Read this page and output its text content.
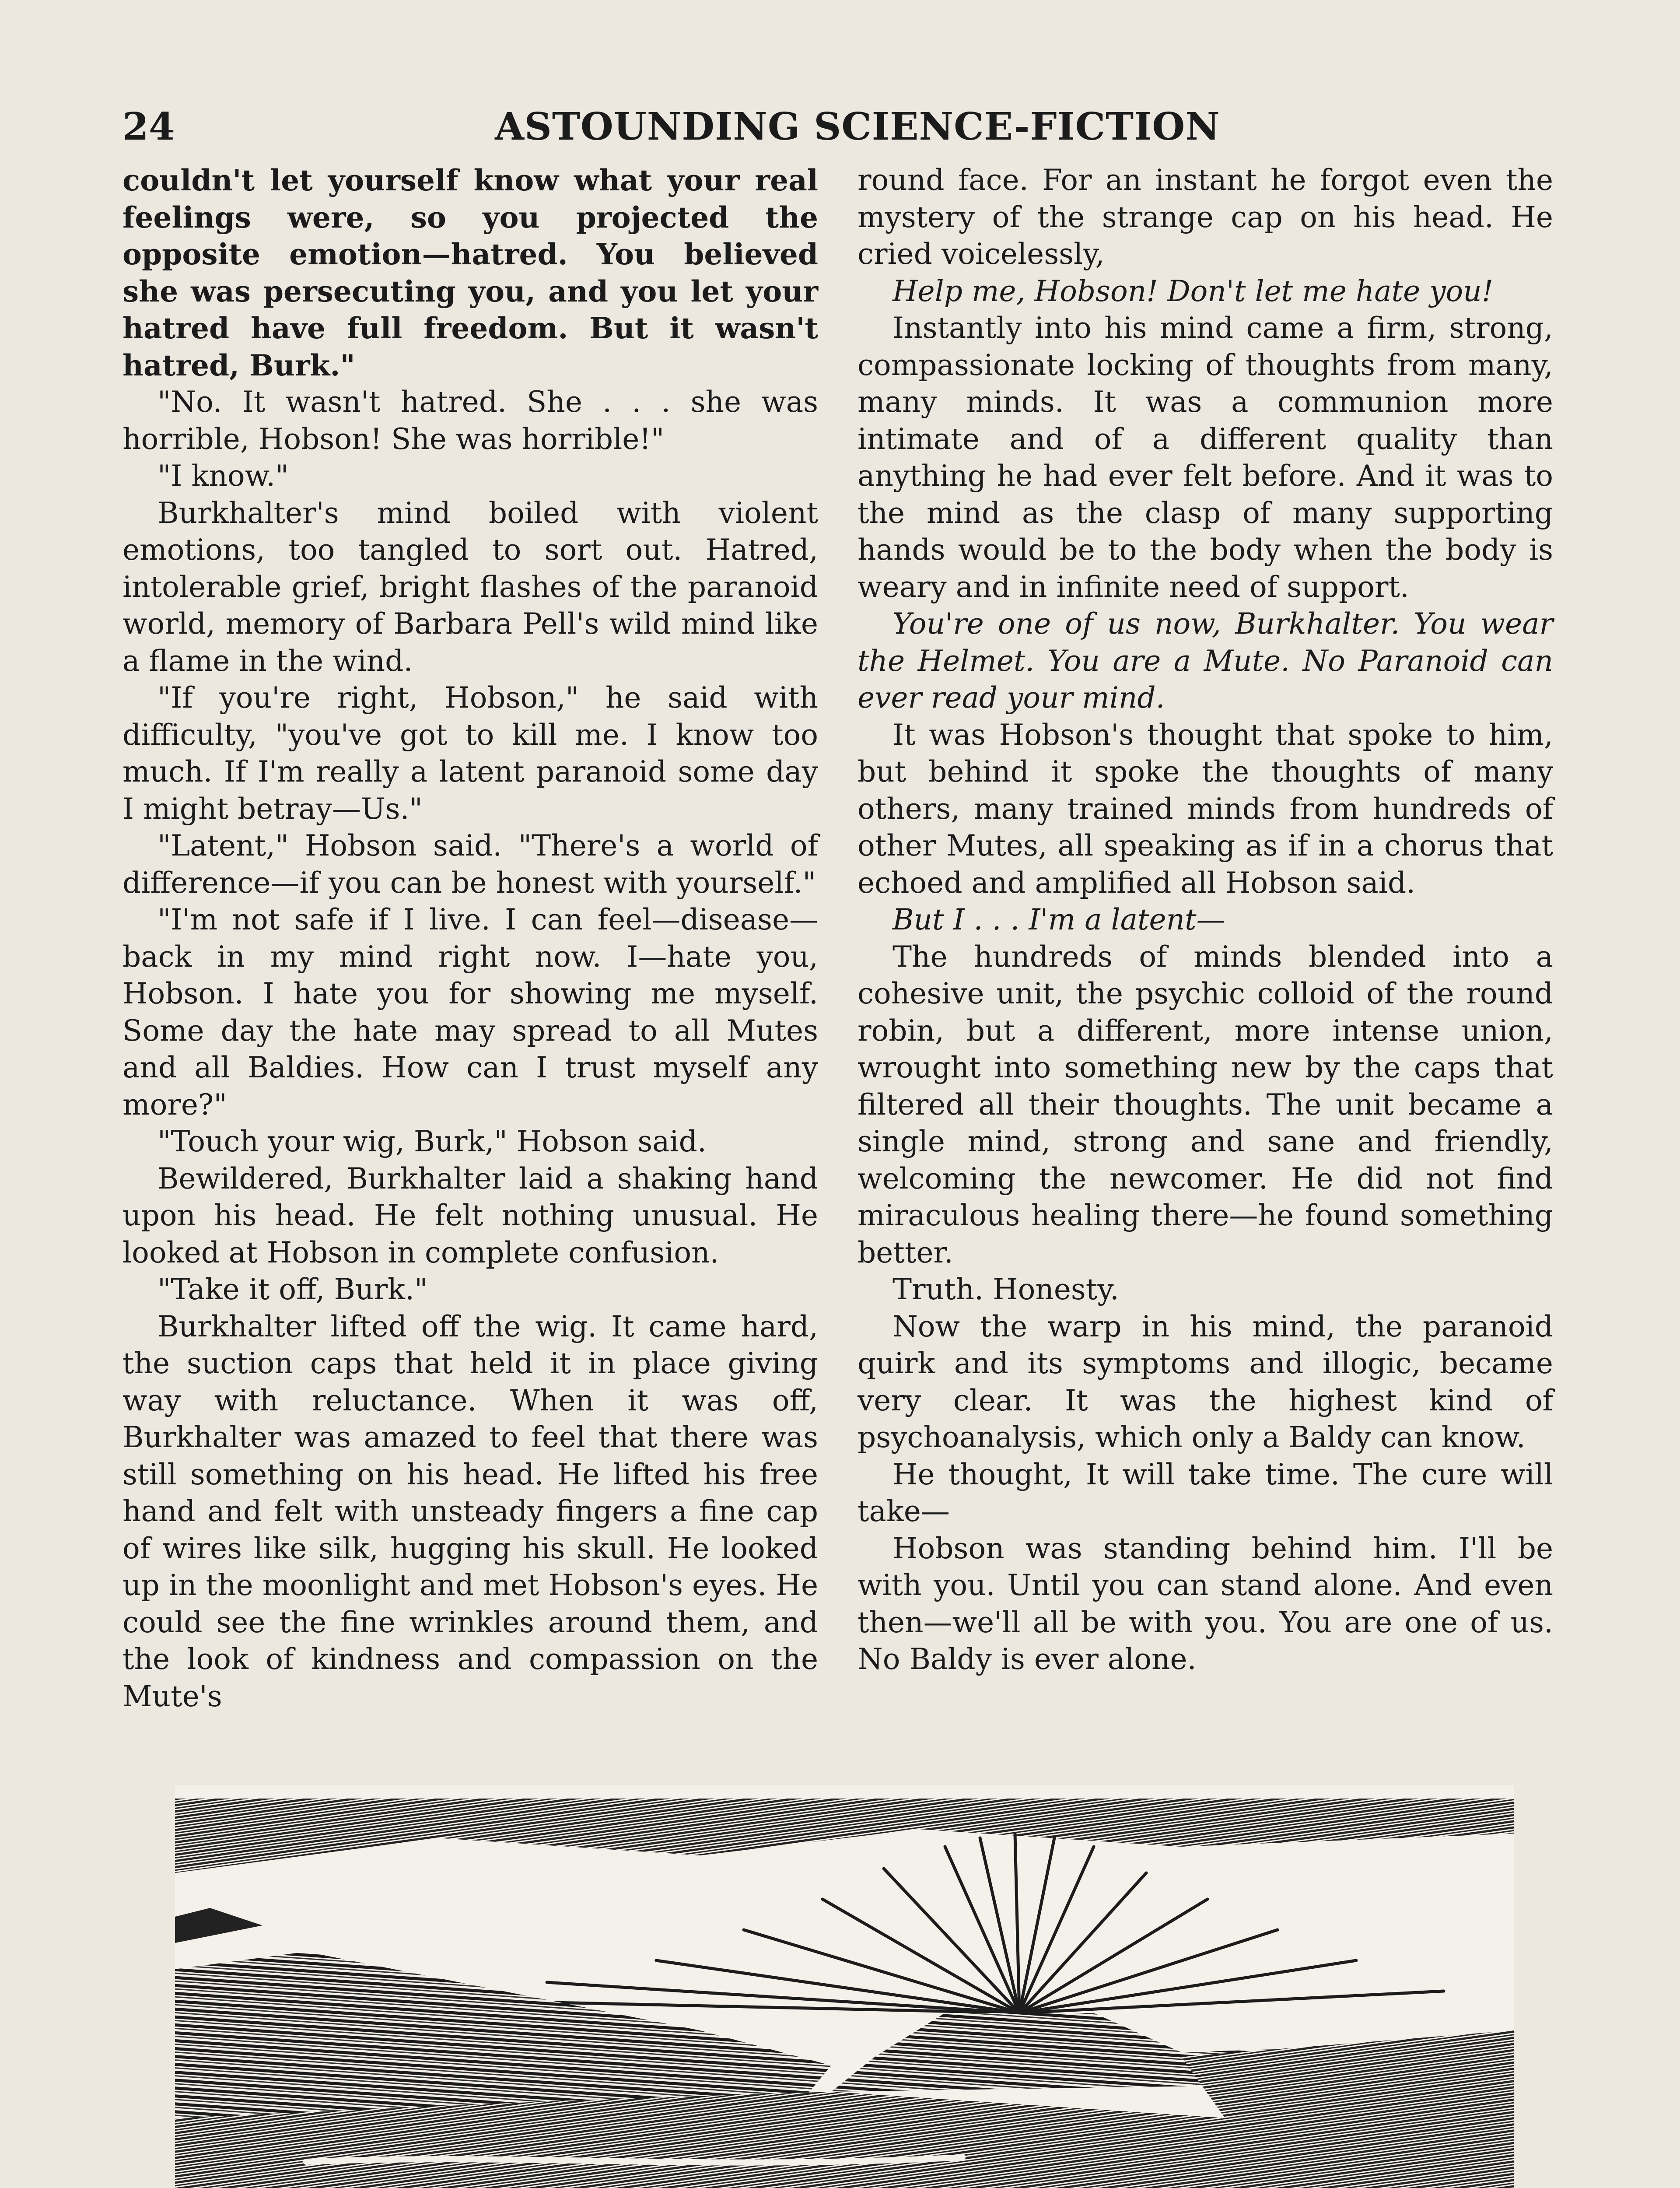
24	ASTOUNDING SCIENCE-FICTION

couldn't let yourself know what your real feelings were, so you projected the opposite emotion—hatred. You believed she was persecuting you, and you let your hatred have full freedom. But it wasn't hatred, Burk."

"No. It wasn't hatred. She . . . she was horrible, Hobson! She was horrible!"

"I know."

Burkhalter's mind boiled with violent emotions, too tangled to sort out. Hatred, intolerable grief, bright flashes of the paranoid world, memory of Barbara Pell's wild mind like a flame in the wind.

"If you're right, Hobson," he said with difficulty, "you've got to kill me. I know too much. If I'm really a latent paranoid some day I might betray—Us."

"Latent," Hobson said. "There's a world of difference—if you can be honest with yourself."

"I'm not safe if I live. I can feel—disease—back in my mind right now. I—hate you, Hobson. I hate you for showing me myself. Some day the hate may spread to all Mutes and all Baldies. How can I trust myself any more?"

"Touch your wig, Burk," Hobson said.

Bewildered, Burkhalter laid a shaking hand upon his head. He felt nothing unusual. He looked at Hobson in complete confusion.

"Take it off, Burk."

Burkhalter lifted off the wig. It came hard, the suction caps that held it in place giving way with reluctance. When it was off, Burkhalter was amazed to feel that there was still something on his head. He lifted his free hand and felt with unsteady fingers a fine cap of wires like silk, hugging his skull. He looked up in the moonlight and met Hobson's eyes. He could see the fine wrinkles around them, and the look of kindness and compassion on the Mute's

round face. For an instant he forgot even the mystery of the strange cap on his head. He cried voicelessly,

Help me, Hobson! Don't let me hate you!

Instantly into his mind came a firm, strong, compassionate locking of thoughts from many, many minds. It was a communion more intimate and of a different quality than anything he had ever felt before. And it was to the mind as the clasp of many supporting hands would be to the body when the body is weary and in infinite need of support.

You're one of us now, Burkhalter. You wear the Helmet. You are a Mute. No Paranoid can ever read your mind.

It was Hobson's thought that spoke to him, but behind it spoke the thoughts of many others, many trained minds from hundreds of other Mutes, all speaking as if in a chorus that echoed and amplified all Hobson said.

But I . . . I'm a latent—

The hundreds of minds blended into a cohesive unit, the psychic colloid of the round robin, but a different, more intense union, wrought into something new by the caps that filtered all their thoughts. The unit became a single mind, strong and sane and friendly, welcoming the newcomer. He did not find miraculous healing there—he found something better.

Truth. Honesty.

Now the warp in his mind, the paranoid quirk and its symptoms and illogic, became very clear. It was the highest kind of psychoanalysis, which only a Baldy can know.

He thought, It will take time. The cure will take—

Hobson was standing behind him. I'll be with you. Until you can stand alone. And even then—we'll all be with you. You are one of us. No Baldy is ever alone.
